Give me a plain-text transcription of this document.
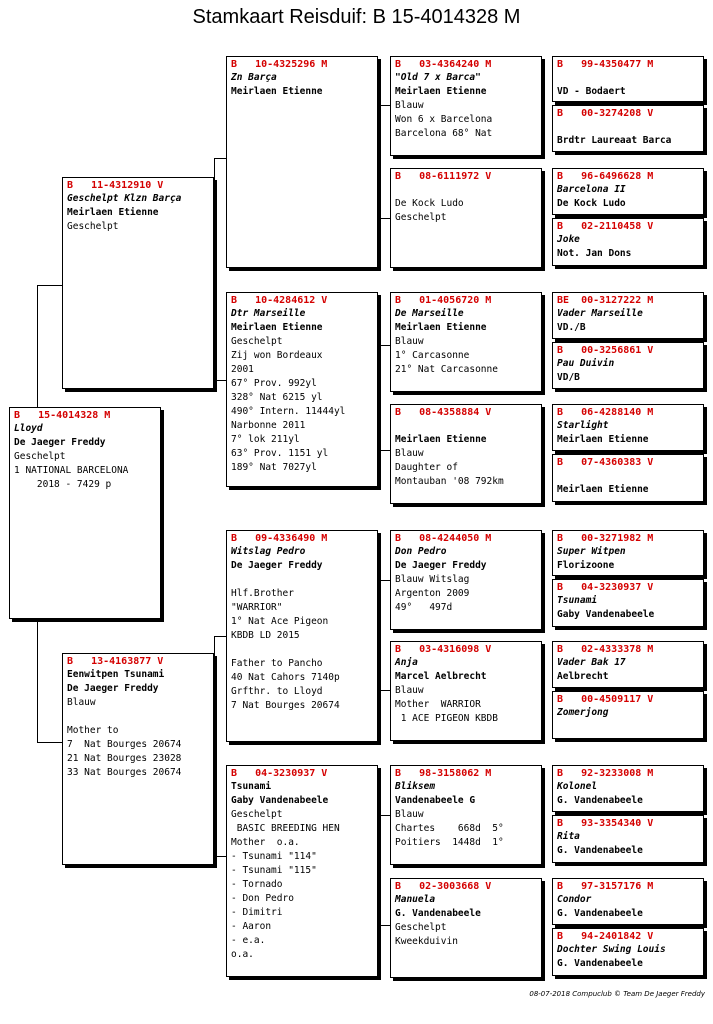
Stamkaart Reisduif: B 15-4014328 M
B   15-4014328 M
Lloyd
De Jaeger Freddy
Geschelpt
1 NATIONAL BARCELONA
2018 - 7429 p
B   11-4312910 V
Geschelpt Klzn Barça
Meirlaen Etienne
Geschelpt
B   13-4163877 V
Eenwitpen Tsunami
De Jaeger Freddy
Blauw

Mother to
7  Nat Bourges 20674
21 Nat Bourges 23028
33 Nat Bourges 20674
B   10-4325296 M
Zn Barça
Meirlaen Etienne
B   10-4284612 V
Dtr Marseille
Meirlaen Etienne
Geschelpt
Zij won Bordeaux
2001
67° Prov. 992yl
328° Nat 6215 yl
490° Intern. 11444yl
Narbonne 2011
7° lok 211yl
63° Prov. 1151 yl
189° Nat 7027yl
B   09-4336490 M
Witslag Pedro
De Jaeger Freddy

Hlf.Brother
"WARRIOR"
1° Nat Ace Pigeon
KBDB LD 2015

Father to Pancho
40 Nat Cahors 7140p
Grfthr. to Lloyd
7 Nat Bourges 20674
B   04-3230937 V
Tsunami
Gaby Vandenabeele
Geschelpt
BASIC BREEDING HEN
Mother  o.a.
- Tsunami "114"
- Tsunami "115"
- Tornado
- Don Pedro
- Dimitri
- Aaron
- e.a.
o.a.
B   03-4364240 M
"Old 7 x Barca"
Meirlaen Etienne
Blauw
Won 6 x Barcelona
Barcelona 68° Nat
B   08-6111972 V

De Kock Ludo
Geschelpt
B   01-4056720 M
De Marseille
Meirlaen Etienne
Blauw
1° Carcasonne
21° Nat Carcasonne
B   08-4358884 V

Meirlaen Etienne
Blauw
Daughter of
Montauban '08 792km
B   08-4244050 M
Don Pedro
De Jaeger Freddy
Blauw Witslag
Argenton 2009
49°   497d
B   03-4316098 V
Anja
Marcel Aelbrecht
Blauw
Mother  WARRIOR
1 ACE PIGEON KBDB
B   98-3158062 M
Bliksem
Vandenabeele G
Blauw
Chartes    668d  5°
Poitiers  1448d  1°
B   02-3003668 V
Manuela
G. Vandenabeele
Geschelpt
Kweekduivin
B   99-4350477 M

VD - Bodaert
B   00-3274208 V

Brdtr Laureaat Barca
B   96-6496628 M
Barcelona II
De Kock Ludo
B   02-2110458 V
Joke
Not. Jan Dons
BE  00-3127222 M
Vader Marseille
VD./B
B   00-3256861 V
Pau Duivin
VD/B
B   06-4288140 M
Starlight
Meirlaen Etienne
B   07-4360383 V

Meirlaen Etienne
B   00-3271982 M
Super Witpen
Florizoone
B   04-3230937 V
Tsunami
Gaby Vandenabeele
B   02-4333378 M
Vader Bak 17
Aelbrecht
B   00-4509117 V
Zomerjong
B   92-3233008 M
Kolonel
G. Vandenabeele
B   93-3354340 V
Rita
G. Vandenabeele
B   97-3157176 M
Condor
G. Vandenabeele
B   94-2401842 V
Dochter Swing Louis
G. Vandenabeele
08-07-2018 Compuclub © Team De Jaeger Freddy
